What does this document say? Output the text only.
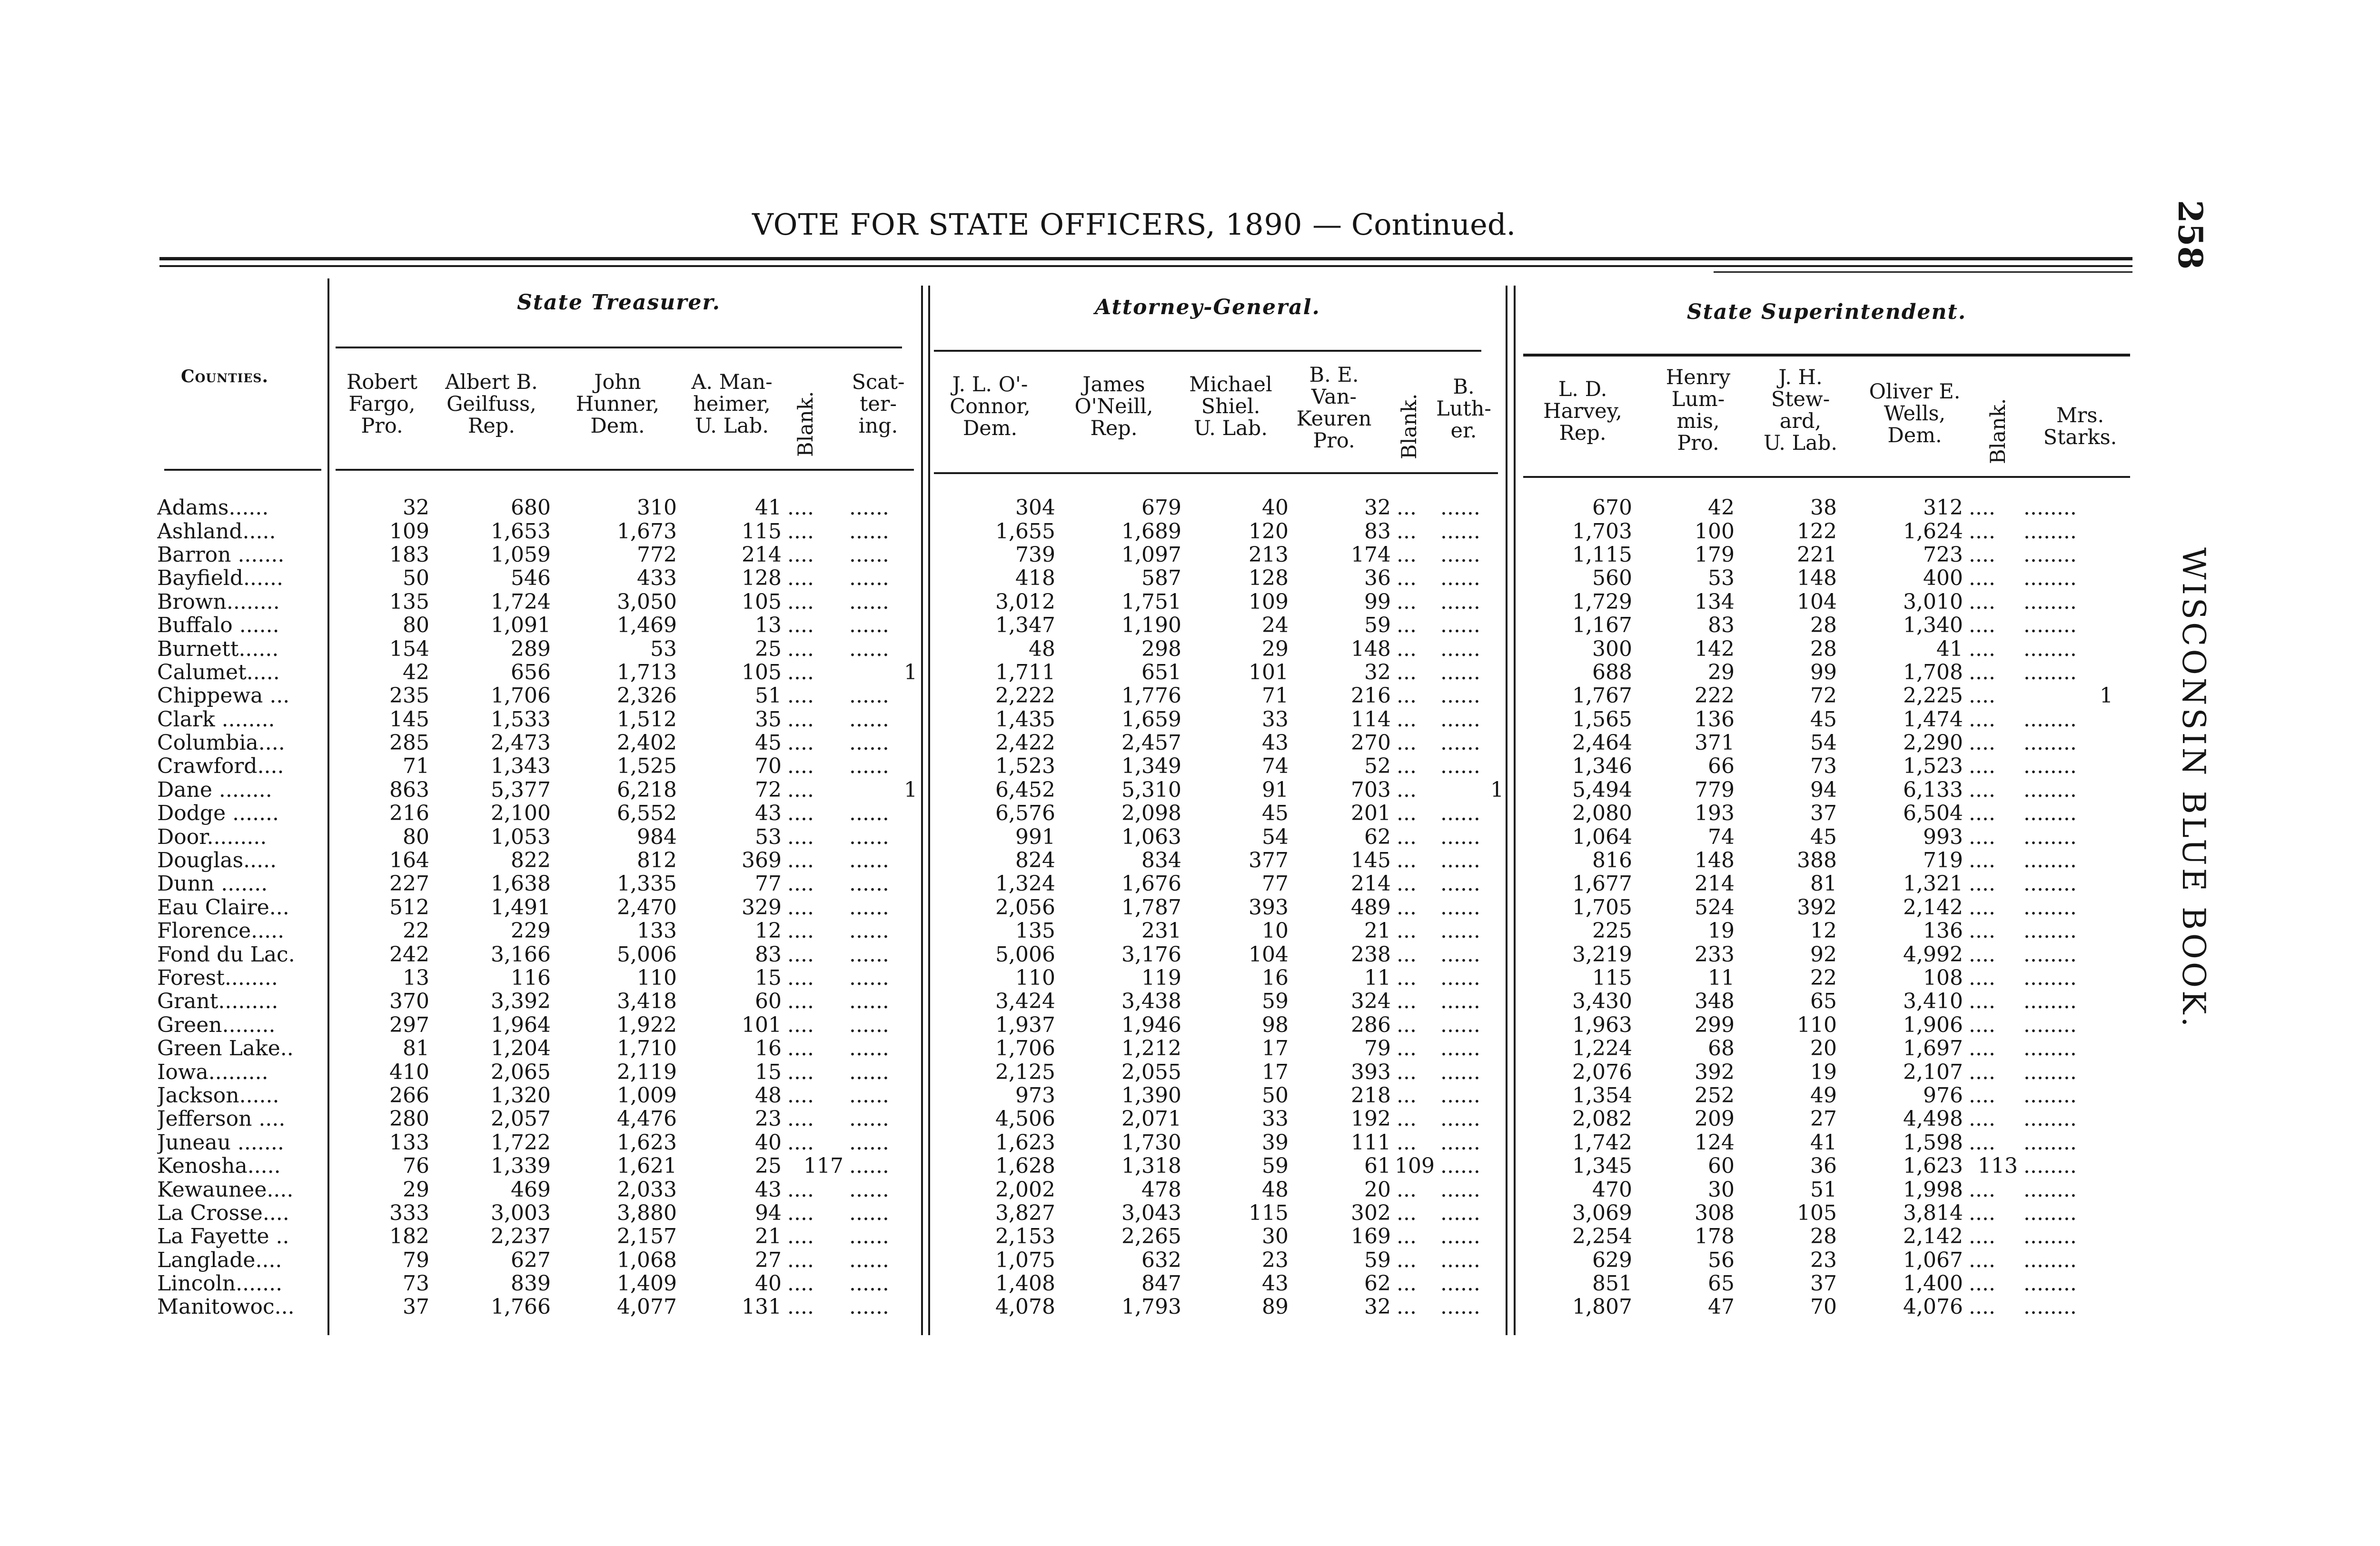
VOTE FOR STATE OFFICERS, 1890 — Continued.	258
WISCONSIN BLUE BOOK.
State Treasurer.	Attorney-General.	State Superintendent.
Counties.	Robert
Fargo,
Pro.
Albert B.
Geilfuss,
Rep.
John
Hunner,
Dem.
A. Man-
heimer,
U. Lab.	Blank.
Scat-
ter-
ing.
J. L. O'-
Connor,
Dem.
James
O'Neill,
Rep.
Michael
Shiel.
U. Lab.
B. E.
Van-
Keuren
Pro.	Blank.
B.
Luth-
er.
L. D.
Harvey,
Rep.
Henry
Lum-
mis,
Pro.
J. H.
Stew-
ard,
U. Lab.
Oliver E.
Wells,
Dem.	Blank.	Mrs.
Starks.
Adams......	32	680	310	41	....	......	304	679	40	32	...	......	670	42	38	312	....	........
Ashland.....	109	1,653	1,673	115	....	......	1,655	1,689	120	83	...	......	1,703	100	122	1,624	....	........
Barron .......	183	1,059	772	214	....	......	739	1,097	213	174	...	......	1,115	179	221	723	....	........
Bayfield......	50	546	433	128	....	......	418	587	128	36	...	......	560	53	148	400	....	........
Brown........	135	1,724	3,050	105	....	......	3,012	1,751	109	99	...	......	1,729	134	104	3,010	....	........
Buffalo ......	80	1,091	1,469	13	....	......	1,347	1,190	24	59	...	......	1,167	83	28	1,340	....	........
Burnett......	154	289	53	25	....	......	48	298	29	148	...	......	300	142	28	41	....	........
Calumet.....	42	656	1,713	105	....	1	1,711	651	101	32	...	......	688	29	99	1,708	....	........
Chippewa ...	235	1,706	2,326	51	....	......	2,222	1,776	71	216	...	......	1,767	222	72	2,225	....	1
Clark ........	145	1,533	1,512	35	....	......	1,435	1,659	33	114	...	......	1,565	136	45	1,474	....	........
Columbia....	285	2,473	2,402	45	....	......	2,422	2,457	43	270	...	......	2,464	371	54	2,290	....	........
Crawford....	71	1,343	1,525	70	....	......	1,523	1,349	74	52	...	......	1,346	66	73	1,523	....	........
Dane ........	863	5,377	6,218	72	....	1	6,452	5,310	91	703	...	1	5,494	779	94	6,133	....	........
Dodge .......	216	2,100	6,552	43	....	......	6,576	2,098	45	201	...	......	2,080	193	37	6,504	....	........
Door.........	80	1,053	984	53	....	......	991	1,063	54	62	...	......	1,064	74	45	993	....	........
Douglas.....	164	822	812	369	....	......	824	834	377	145	...	......	816	148	388	719	....	........
Dunn .......	227	1,638	1,335	77	....	......	1,324	1,676	77	214	...	......	1,677	214	81	1,321	....	........
Eau Claire...	512	1,491	2,470	329	....	......	2,056	1,787	393	489	...	......	1,705	524	392	2,142	....	........
Florence.....	22	229	133	12	....	......	135	231	10	21	...	......	225	19	12	136	....	........
Fond du Lac.	242	3,166	5,006	83	....	......	5,006	3,176	104	238	...	......	3,219	233	92	4,992	....	........
Forest........	13	116	110	15	....	......	110	119	16	11	...	......	115	11	22	108	....	........
Grant.........	370	3,392	3,418	60	....	......	3,424	3,438	59	324	...	......	3,430	348	65	3,410	....	........
Green........	297	1,964	1,922	101	....	......	1,937	1,946	98	286	...	......	1,963	299	110	1,906	....	........
Green Lake..	81	1,204	1,710	16	....	......	1,706	1,212	17	79	...	......	1,224	68	20	1,697	....	........
Iowa.........	410	2,065	2,119	15	....	......	2,125	2,055	17	393	...	......	2,076	392	19	2,107	....	........
Jackson......	266	1,320	1,009	48	....	......	973	1,390	50	218	...	......	1,354	252	49	976	....	........
Jefferson ....	280	2,057	4,476	23	....	......	4,506	2,071	33	192	...	......	2,082	209	27	4,498	....	........
Juneau .......	133	1,722	1,623	40	....	......	1,623	1,730	39	111	...	......	1,742	124	41	1,598	....	........
Kenosha.....	76	1,339	1,621	25	117	......	1,628	1,318	59	61	109	......	1,345	60	36	1,623	113	........
Kewaunee....	29	469	2,033	43	....	......	2,002	478	48	20	...	......	470	30	51	1,998	....	........
La Crosse....	333	3,003	3,880	94	....	......	3,827	3,043	115	302	...	......	3,069	308	105	3,814	....	........
La Fayette ..	182	2,237	2,157	21	....	......	2,153	2,265	30	169	...	......	2,254	178	28	2,142	....	........
Langlade....	79	627	1,068	27	....	......	1,075	632	23	59	...	......	629	56	23	1,067	....	........
Lincoln.......	73	839	1,409	40	....	......	1,408	847	43	62	...	......	851	65	37	1,400	....	........
Manitowoc...	37	1,766	4,077	131	....	......	4,078	1,793	89	32	...	......	1,807	47	70	4,076	....	........
